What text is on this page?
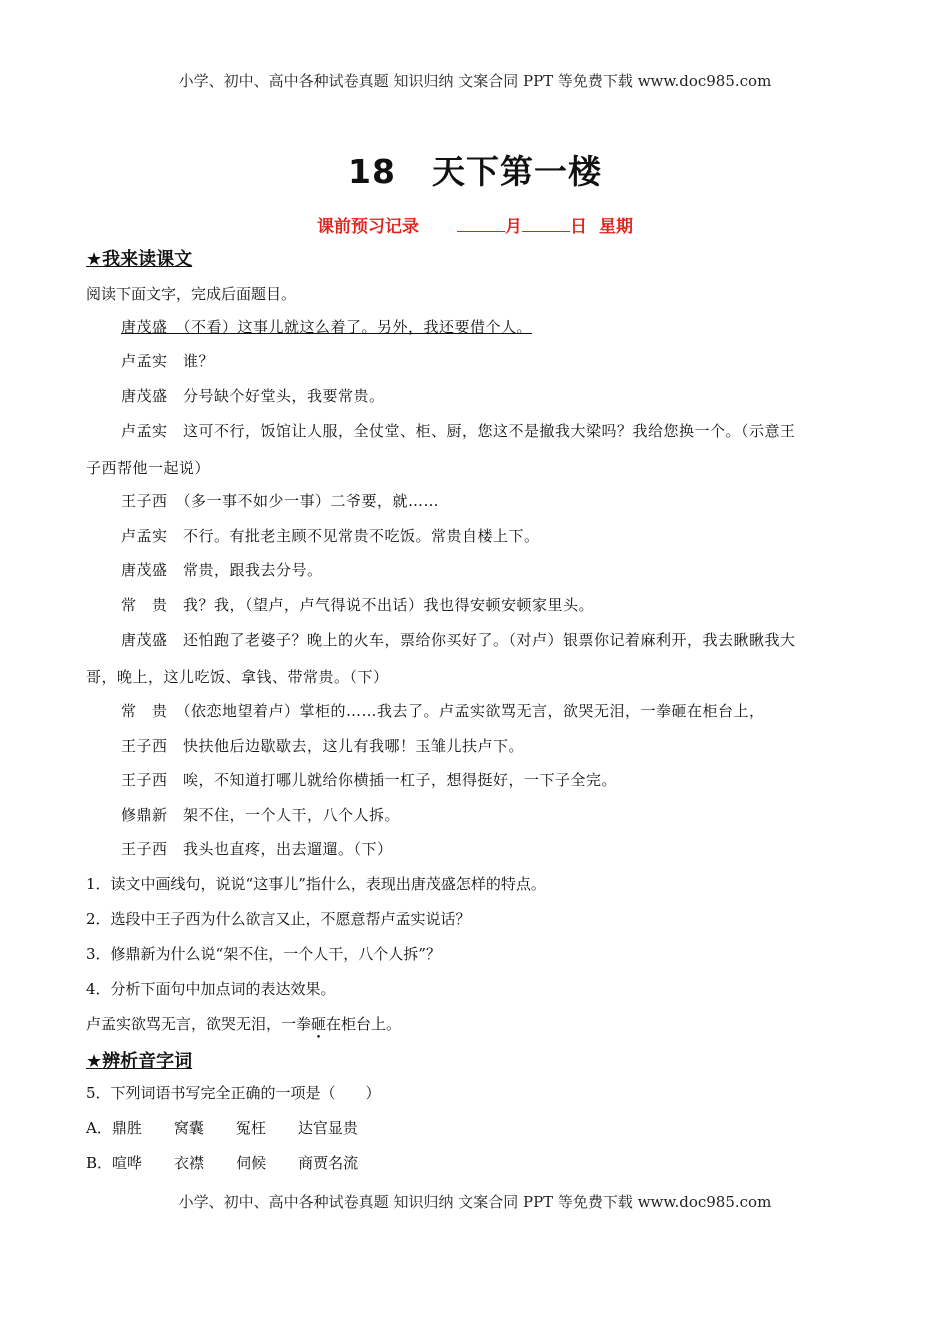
小学、初中、高中各种试卷真题 知识归纳 文案合同 PPT 等免费下载 www.doc985.com
18 天下第一楼
课前预习记录	月	日 星期
★我来读课文
阅读下面文字，完成后面题目。
唐茂盛　 （不看）这事儿就这么着了。另外，我还要借个人。
卢孟实　 谁？
唐茂盛　 分号缺个好堂头，我要常贵。
卢孟实　 这可不行，饭馆让人服，全仗堂、柜、厨，您这不是撤我大梁吗？我给您换一个。（示意王
子西帮他一起说）
王子西　 （多一事不如少一事）二爷要，就……
卢孟实　 不行。有批老主顾不见常贵不吃饭。常贵自楼上下。
唐茂盛　 常贵，跟我去分号。
常　贵　 我？我，（望卢，卢气得说不出话）我也得安顿安顿家里头。
唐茂盛　 还怕跑了老婆子？晚上的火车，票给你买好了。（对卢）银票你记着麻利开，我去瞅瞅我大
哥，晚上，这儿吃饭、拿钱、带常贵。（下）
常　贵　 （依恋地望着卢）掌柜的……我去了。卢孟实欲骂无言，欲哭无泪，一拳砸在柜台上，
王子西　 快扶他后边歇歇去，这儿有我哪！玉雏儿扶卢下。
王子西　 唉，不知道打哪儿就给你横插一杠子，想得挺好，一下子全完。
修鼎新　 架不住，一个人干，八个人拆。
王子西　 我头也直疼，出去遛遛。（下）
1．读文中画线句，说说“这事儿”指什么，表现出唐茂盛怎样的特点。
2．选段中王子西为什么欲言又止，不愿意帮卢孟实说话？
3．修鼎新为什么说“架不住，一个人干，八个人拆”？
4．分析下面句中加点词的表达效果。
卢孟实欲骂无言，欲哭无泪，一拳砸在柜台上。
★辨析音字词
5．下列词语书写完全正确的一项是（　　）
A．鼎胜 窝囊 冤枉 达官显贵
B．喧哗 衣襟 伺候 商贾名流
小学、初中、高中各种试卷真题 知识归纳 文案合同 PPT 等免费下载 www.doc985.com
